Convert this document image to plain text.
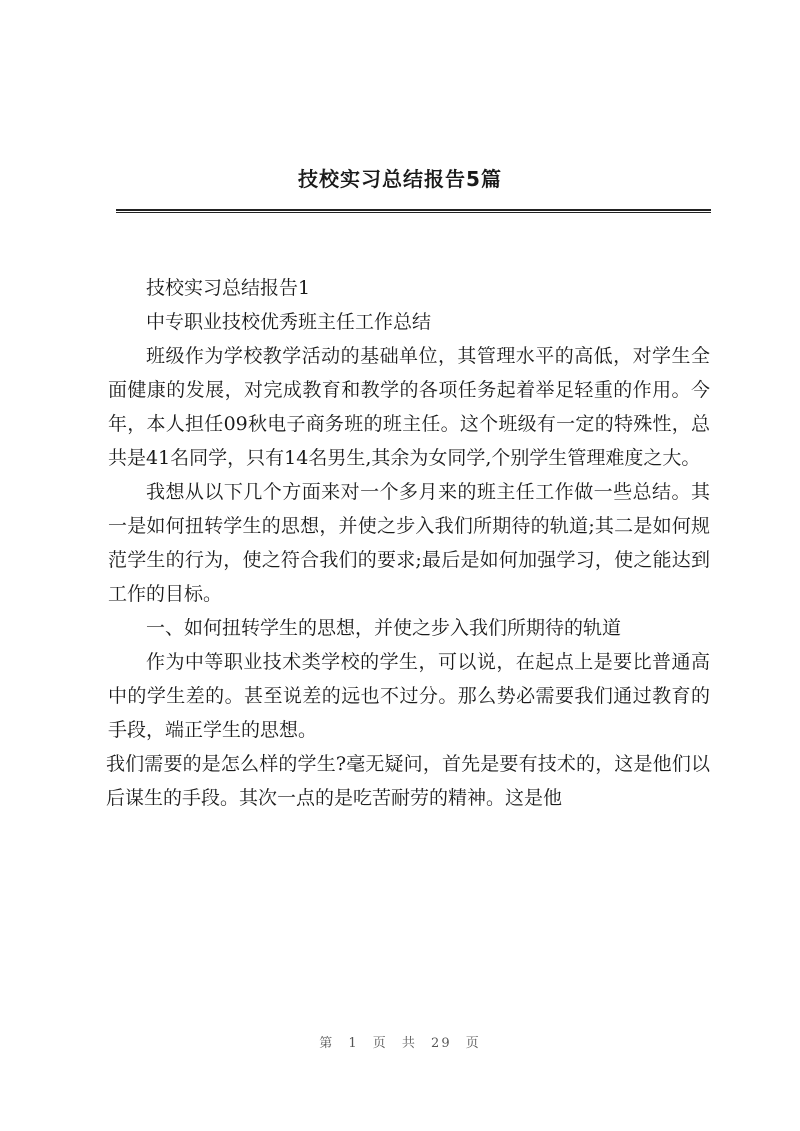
技校实习总结报告5篇

技校实习总结报告1

中专职业技校优秀班主任工作总结

班级作为学校教学活动的基础单位，其管理水平的高低，对学生全面健康的发展，对完成教育和教学的各项任务起着举足轻重的作用。今年，本人担任09秋电子商务班的班主任。这个班级有一定的特殊性，总共是41名同学，只有14名男生,其余为女同学,个别学生管理难度之大。

我想从以下几个方面来对一个多月来的班主任工作做一些总结。其一是如何扭转学生的思想，并使之步入我们所期待的轨道;其二是如何规范学生的行为，使之符合我们的要求;最后是如何加强学习，使之能达到工作的目标。

一、如何扭转学生的思想，并使之步入我们所期待的轨道

作为中等职业技术类学校的学生，可以说，在起点上是要比普通高中的学生差的。甚至说差的远也不过分。那么势必需要我们通过教育的手段，端正学生的思想。

我们需要的是怎么样的学生?毫无疑问，首先是要有技术的，这是他们以后谋生的手段。其次一点的是吃苦耐劳的精神。这是他

第 1 页 共 29 页
